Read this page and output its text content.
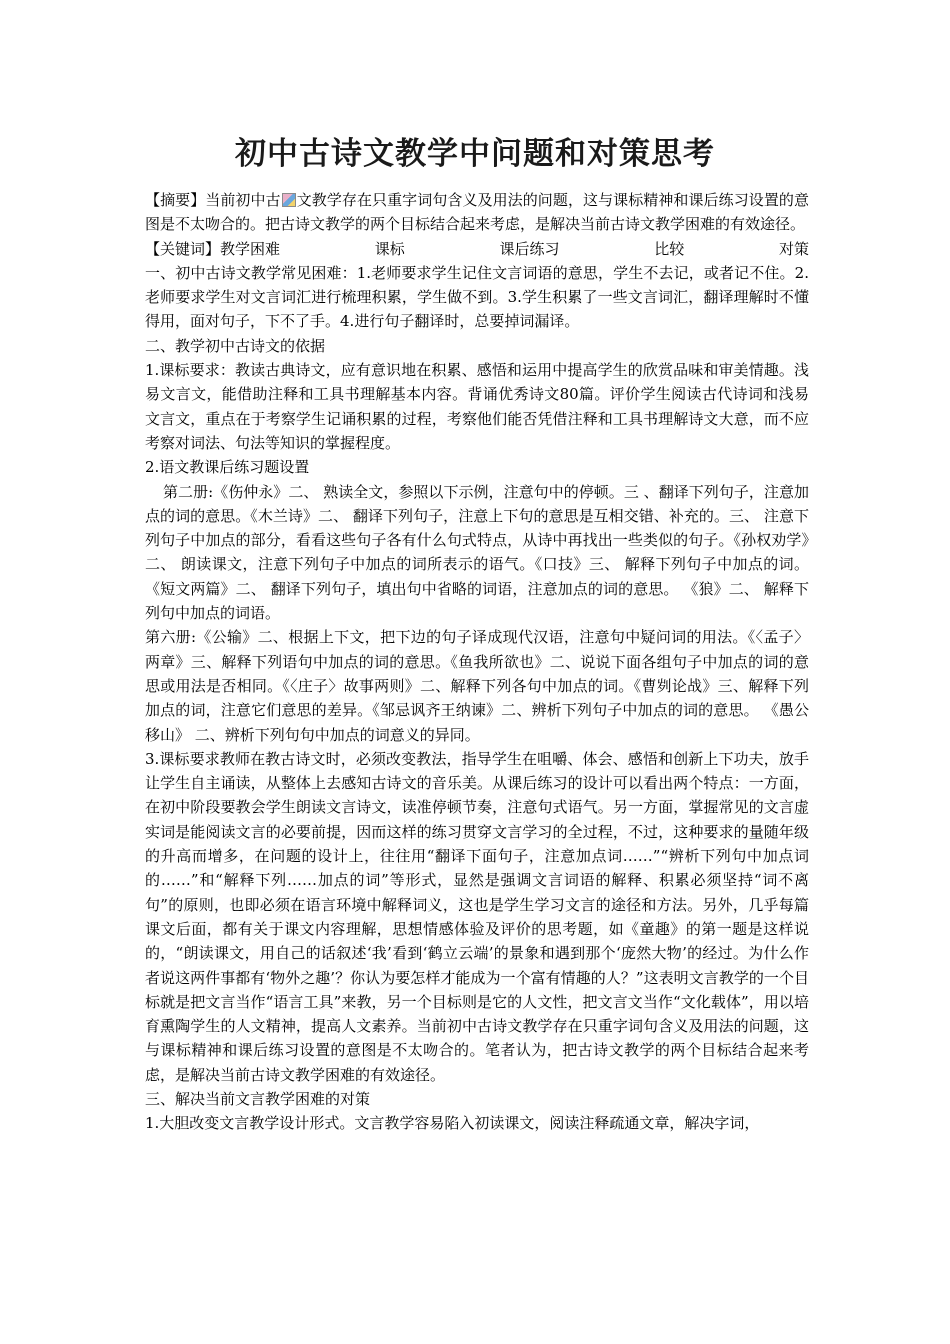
初中古诗文教学中问题和对策思考

【摘要】当前初中古 文教学存在只重字词句含义及用法的问题，这与课标精神和课后练习设置的意图是不太吻合的。把古诗文教学的两个目标结合起来考虑，是解决当前古诗文教学困难的有效途径。

【关键词】教学困难	课标	课后练习	比较	对策

一、初中古诗文教学常见困难：1.老师要求学生记住文言词语的意思，学生不去记，或者记不住。2.老师要求学生对文言词汇进行梳理积累，学生做不到。3.学生积累了一些文言词汇，翻译理解时不懂得用，面对句子，下不了手。4.进行句子翻译时，总要掉词漏译。

二、教学初中古诗文的依据

1.课标要求：教读古典诗文，应有意识地在积累、感悟和运用中提高学生的欣赏品味和审美情趣。浅易文言文，能借助注释和工具书理解基本内容。背诵优秀诗文80篇。评价学生阅读古代诗词和浅易文言文，重点在于考察学生记诵积累的过程，考察他们能否凭借注释和工具书理解诗文大意，而不应考察对词法、句法等知识的掌握程度。

2.语文教课后练习题设置

第二册:《伤仲永》二、 熟读全文，参照以下示例，注意句中的停顿。三 、翻译下列句子，注意加点的词的意思。《木兰诗》二、 翻译下列句子，注意上下句的意思是互相交错、补充的。三、 注意下列句子中加点的部分，看看这些句子各有什么句式特点，从诗中再找出一些类似的句子。《孙权劝学》二、 朗读课文，注意下列句子中加点的词所表示的语气。《口技》三、 解释下列句子中加点的词。《短文两篇》二、 翻译下列句子，填出句中省略的词语，注意加点的词的意思。 《狼》二、 解释下列句中加点的词语。

第六册:《公输》二、根据上下文，把下边的句子译成现代汉语，注意句中疑问词的用法。《〈孟子〉两章》三、解释下列语句中加点的词的意思。《鱼我所欲也》二、说说下面各组句子中加点的词的意思或用法是否相同。《〈庄子〉故事两则》二、解释下列各句中加点的词。《曹刿论战》三、解释下列加点的词，注意它们意思的差异。《邹忌讽齐王纳谏》二、辨析下列句子中加点的词的意思。 《愚公移山》 二、辨析下列句句中加点的词意义的异同。

3.课标要求教师在教古诗文时，必须改变教法，指导学生在咀嚼、体会、感悟和创新上下功夫，放手让学生自主诵读，从整体上去感知古诗文的音乐美。从课后练习的设计可以看出两个特点：一方面，在初中阶段要教会学生朗读文言诗文，读准停顿节奏，注意句式语气。另一方面，掌握常见的文言虚实词是能阅读文言的必要前提，因而这样的练习贯穿文言学习的全过程，不过，这种要求的量随年级的升高而增多，在问题的设计上，往往用“翻译下面句子，注意加点词……”“辨析下列句中加点词的……”和“解释下列……加点的词”等形式，显然是强调文言词语的解释、积累必须坚持“词不离句”的原则，也即必须在语言环境中解释词义，这也是学生学习文言的途径和方法。另外，几乎每篇课文后面，都有关于课文内容理解，思想情感体验及评价的思考题，如《童趣》的第一题是这样说的，“朗读课文，用自己的话叙述‘我’看到‘鹤立云端’的景象和遇到那个‘庞然大物’的经过。为什么作者说这两件事都有‘物外之趣’？你认为要怎样才能成为一个富有情趣的人？”这表明文言教学的一个目标就是把文言当作“语言工具”来教，另一个目标则是它的人文性，把文言文当作“文化载体”，用以培育熏陶学生的人文精神，提高人文素养。当前初中古诗文教学存在只重字词句含义及用法的问题，这与课标精神和课后练习设置的意图是不太吻合的。笔者认为，把古诗文教学的两个目标结合起来考虑，是解决当前古诗文教学困难的有效途径。

三、解决当前文言教学困难的对策

1.大胆改变文言教学设计形式。文言教学容易陷入初读课文，阅读注释疏通文章，解决字词，
